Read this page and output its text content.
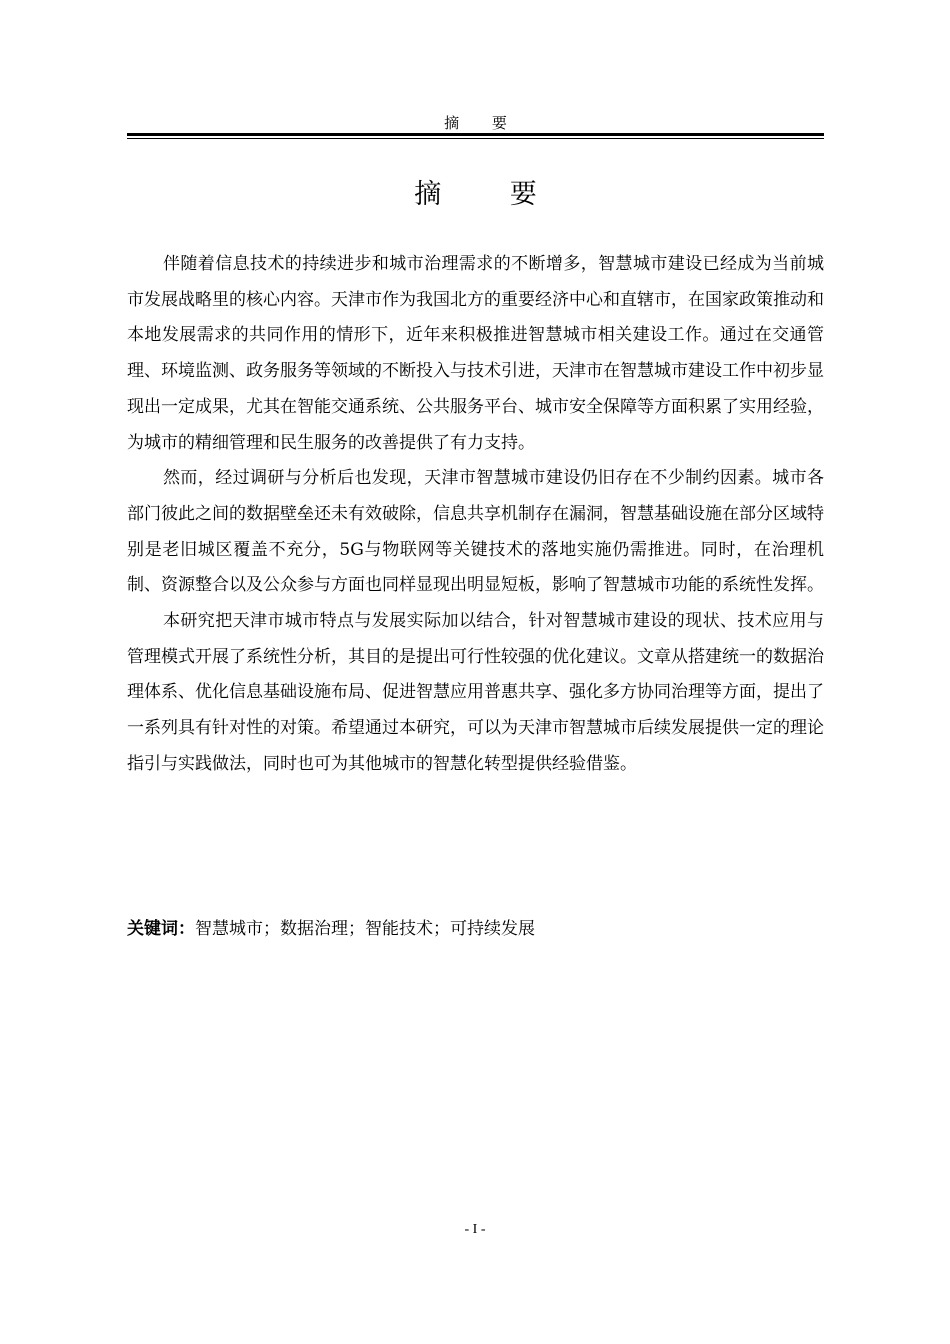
摘 要
摘 要

伴随着信息技术的持续进步和城市治理需求的不断增多，智慧城市建设已经成为当前城市发展战略里的核心内容。天津市作为我国北方的重要经济中心和直辖市，在国家政策推动和本地发展需求的共同作用的情形下，近年来积极推进智慧城市相关建设工作。通过在交通管理、环境监测、政务服务等领域的不断投入与技术引进，天津市在智慧城市建设工作中初步显现出一定成果，尤其在智能交通系统、公共服务平台、城市安全保障等方面积累了实用经验，为城市的精细管理和民生服务的改善提供了有力支持。

然而，经过调研与分析后也发现，天津市智慧城市建设仍旧存在不少制约因素。城市各部门彼此之间的数据壁垒还未有效破除，信息共享机制存在漏洞，智慧基础设施在部分区域特别是老旧城区覆盖不充分，5G与物联网等关键技术的落地实施仍需推进。同时，在治理机制、资源整合以及公众参与方面也同样显现出明显短板，影响了智慧城市功能的系统性发挥。

本研究把天津市城市特点与发展实际加以结合，针对智慧城市建设的现状、技术应用与管理模式开展了系统性分析，其目的是提出可行性较强的优化建议。文章从搭建统一的数据治理体系、优化信息基础设施布局、促进智慧应用普惠共享、强化多方协同治理等方面，提出了一系列具有针对性的对策。希望通过本研究，可以为天津市智慧城市后续发展提供一定的理论指引与实践做法，同时也可为其他城市的智慧化转型提供经验借鉴。

关键词：智慧城市；数据治理；智能技术；可持续发展
- I -
